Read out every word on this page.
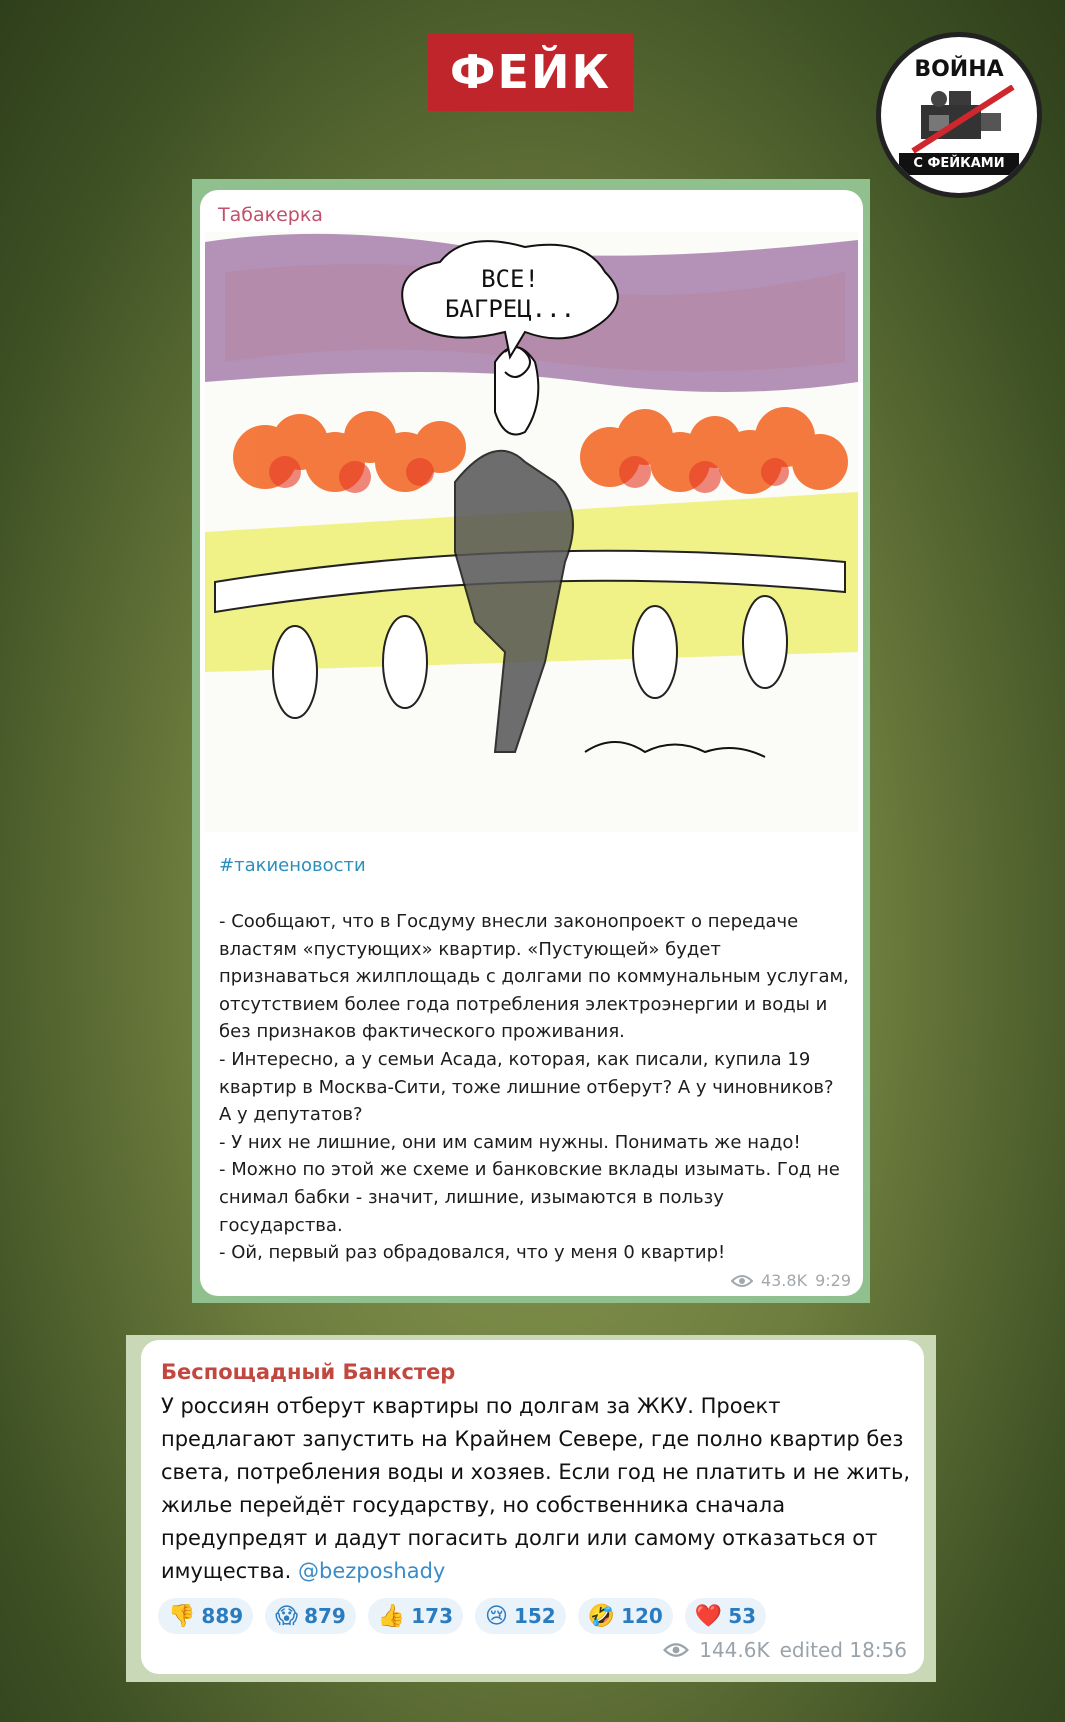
ФЕЙК	ВОЙНА
С ФЕЙКАМИ
Табакерка
ВСЕ!
БАГРЕЦ...
#такиеновости

- Сообщают, что в Госдуму внесли законопроект о передаче властям «пустующих» квартир. «Пустующей» будет признаваться жилплощадь с долгами по коммунальным услугам, отсутствием более года потребления электроэнергии и воды и без признаков фактического проживания.

- Интересно, а у семьи Асада, которая, как писали, купила 19 квартир в Москва-Сити, тоже лишние отберут? А у чиновников? А у депутатов?

- У них не лишние, они им самим нужны. Понимать же надо!

- Можно по этой же схеме и банковские вклады изымать. Год не снимал бабки - значит, лишние, изымаются в пользу государства.

- Ой, первый раз обрадовался, что у меня 0 квартир!

43.8K 9:29
Беспощадный Банкстер
У россиян отберут квартиры по долгам за ЖКУ. Проект предлагают запустить на Крайнем Севере, где полно квартир без света, потребления воды и хозяев. Если год не платить и не жить, жилье перейдёт государству, но собственника сначала предупредят и дадут погасить долги или самому отказаться от имущества. @bezposhady
👎 889 😱 879 👍 173 😢 152 🤣 120 ❤️ 53
144.6K edited 18:56
